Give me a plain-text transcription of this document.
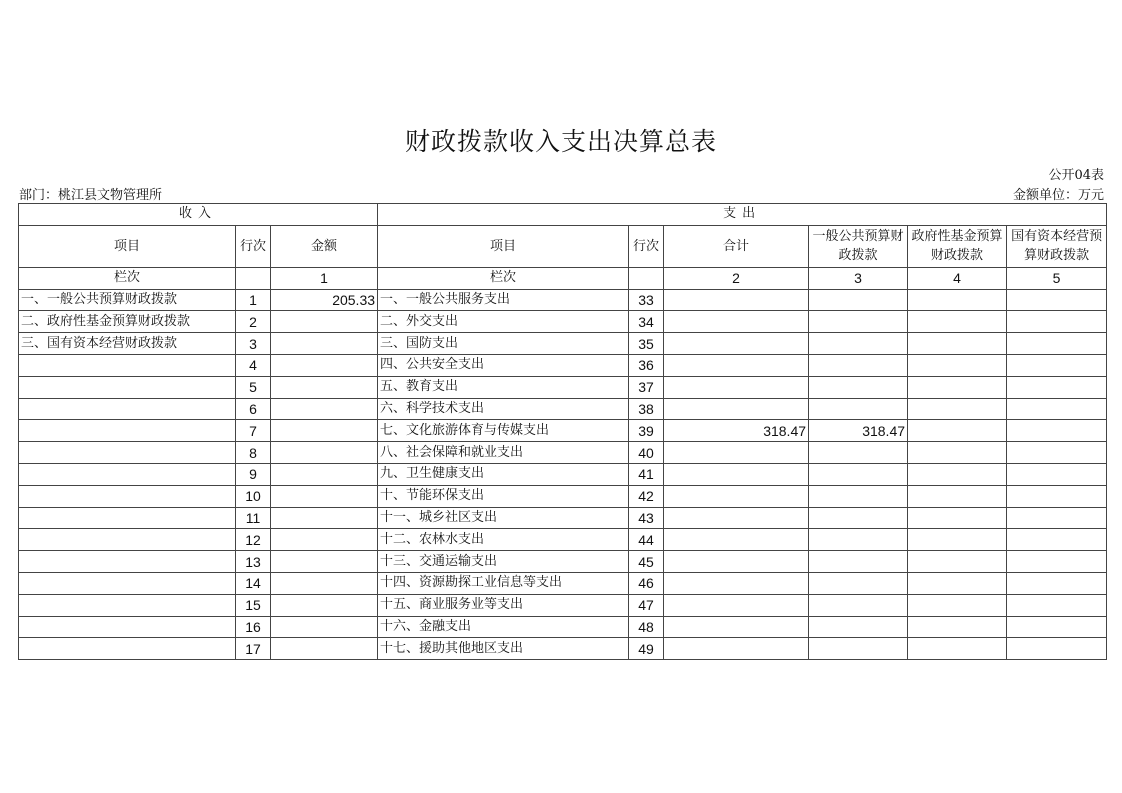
财政拨款收入支出决算总表
公开04表
部门：桃江县文物管理所	金额单位：万元
收入			支出					
项目	行次	金额	项目	行次	合计	一般公共预算财政拨款	政府性基金预算财政拨款	国有资本经营预算财政拨款
栏次		1	栏次		2	3	4	5
一、一般公共预算财政拨款	1	205.33	一、一般公共服务支出	33				
二、政府性基金预算财政拨款	2		二、外交支出	34				
三、国有资本经营财政拨款	3		三、国防支出	35				
	4		四、公共安全支出	36				
	5		五、教育支出	37				
	6		六、科学技术支出	38				
	7		七、文化旅游体育与传媒支出	39	318.47	318.47		
	8		八、社会保障和就业支出	40				
	9		九、卫生健康支出	41				
	10		十、节能环保支出	42				
	11		十一、城乡社区支出	43				
	12		十二、农林水支出	44				
	13		十三、交通运输支出	45				
	14		十四、资源勘探工业信息等支出	46				
	15		十五、商业服务业等支出	47				
	16		十六、金融支出	48				
	17		十七、援助其他地区支出	49				
